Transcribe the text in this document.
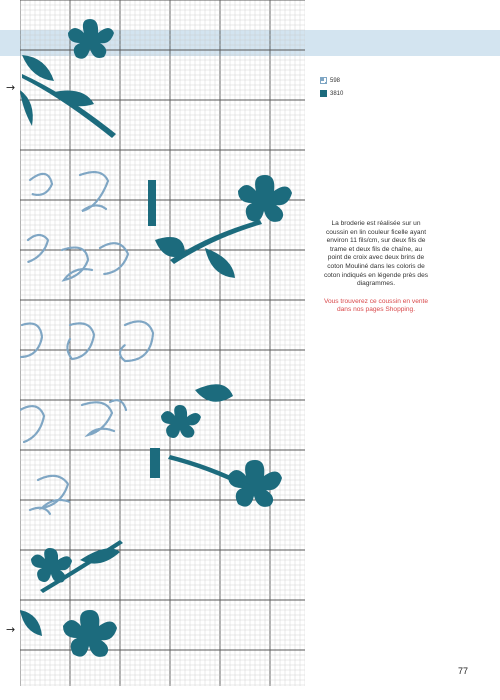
→
→
598
3810

La broderie est réalisée sur un coussin en lin couleur ficelle ayant environ 11 fils/cm, sur deux fils de trame et deux fils de chaîne, au point de croix avec deux brins de coton Mouliné dans les coloris de coton indiqués en légende près des diagrammes.

Vous trouverez ce coussin en vente dans nos pages Shopping.

77
